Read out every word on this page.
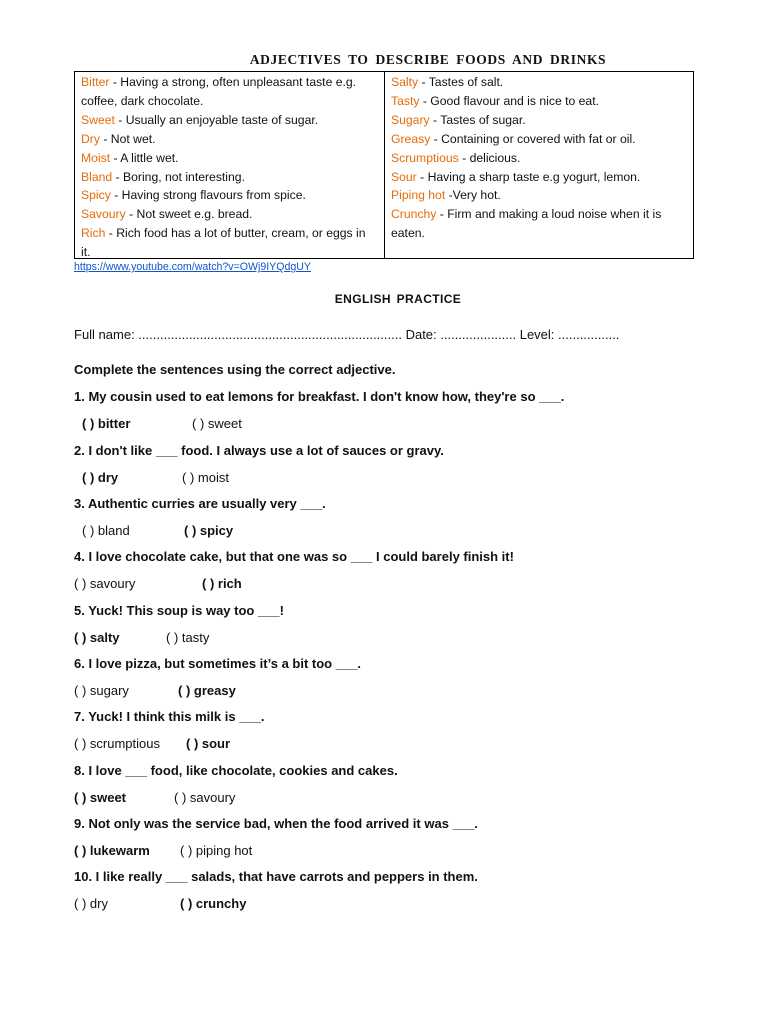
ADJECTIVES TO DESCRIBE FOODS AND DRINKS
Bitter - Having a strong, often unpleasant taste e.g. coffee, dark chocolate.
Sweet - Usually an enjoyable taste of sugar.
Dry - Not wet.
Moist - A little wet.
Bland - Boring, not interesting.
Spicy - Having strong flavours from spice.
Savoury - Not sweet e.g. bread.
Rich - Rich food has a lot of butter, cream, or eggs in it.
Salty - Tastes of salt.
Tasty - Good flavour and is nice to eat.
Sugary - Tastes of sugar.
Greasy - Containing or covered with fat or oil.
Scrumptious - delicious.
Sour - Having a sharp taste e.g yogurt, lemon.
Piping hot -Very hot.
Crunchy - Firm and making a loud noise when it is eaten.
https://www.youtube.com/watch?v=OWj9IYQdgUY
ENGLISH PRACTICE
Full name: ......................................................................... Date: ..................... Level: .................
Complete the sentences using the correct adjective.
1. My cousin used to eat lemons for breakfast. I don't know how, they're so ___.
( ) bitter	( ) sweet
2. I don't like ___ food. I always use a lot of sauces or gravy.
( ) dry	( ) moist
3. Authentic curries are usually very ___.
( ) bland	( ) spicy
4. I love chocolate cake, but that one was so ___ I could barely finish it!
( ) savoury	( ) rich
5. Yuck! This soup is way too ___!
( ) salty	( ) tasty
6. I love pizza, but sometimes it’s a bit too ___.
( ) sugary	( ) greasy
7. Yuck! I think this milk is ___.
( ) scrumptious ( ) sour
8. I love ___ food, like chocolate, cookies and cakes.
( ) sweet	( ) savoury
9. Not only was the service bad, when the food arrived it was ___.
( ) lukewarm ( ) piping hot
10. I like really ___ salads, that have carrots and peppers in them.
( ) dry	( ) crunchy
